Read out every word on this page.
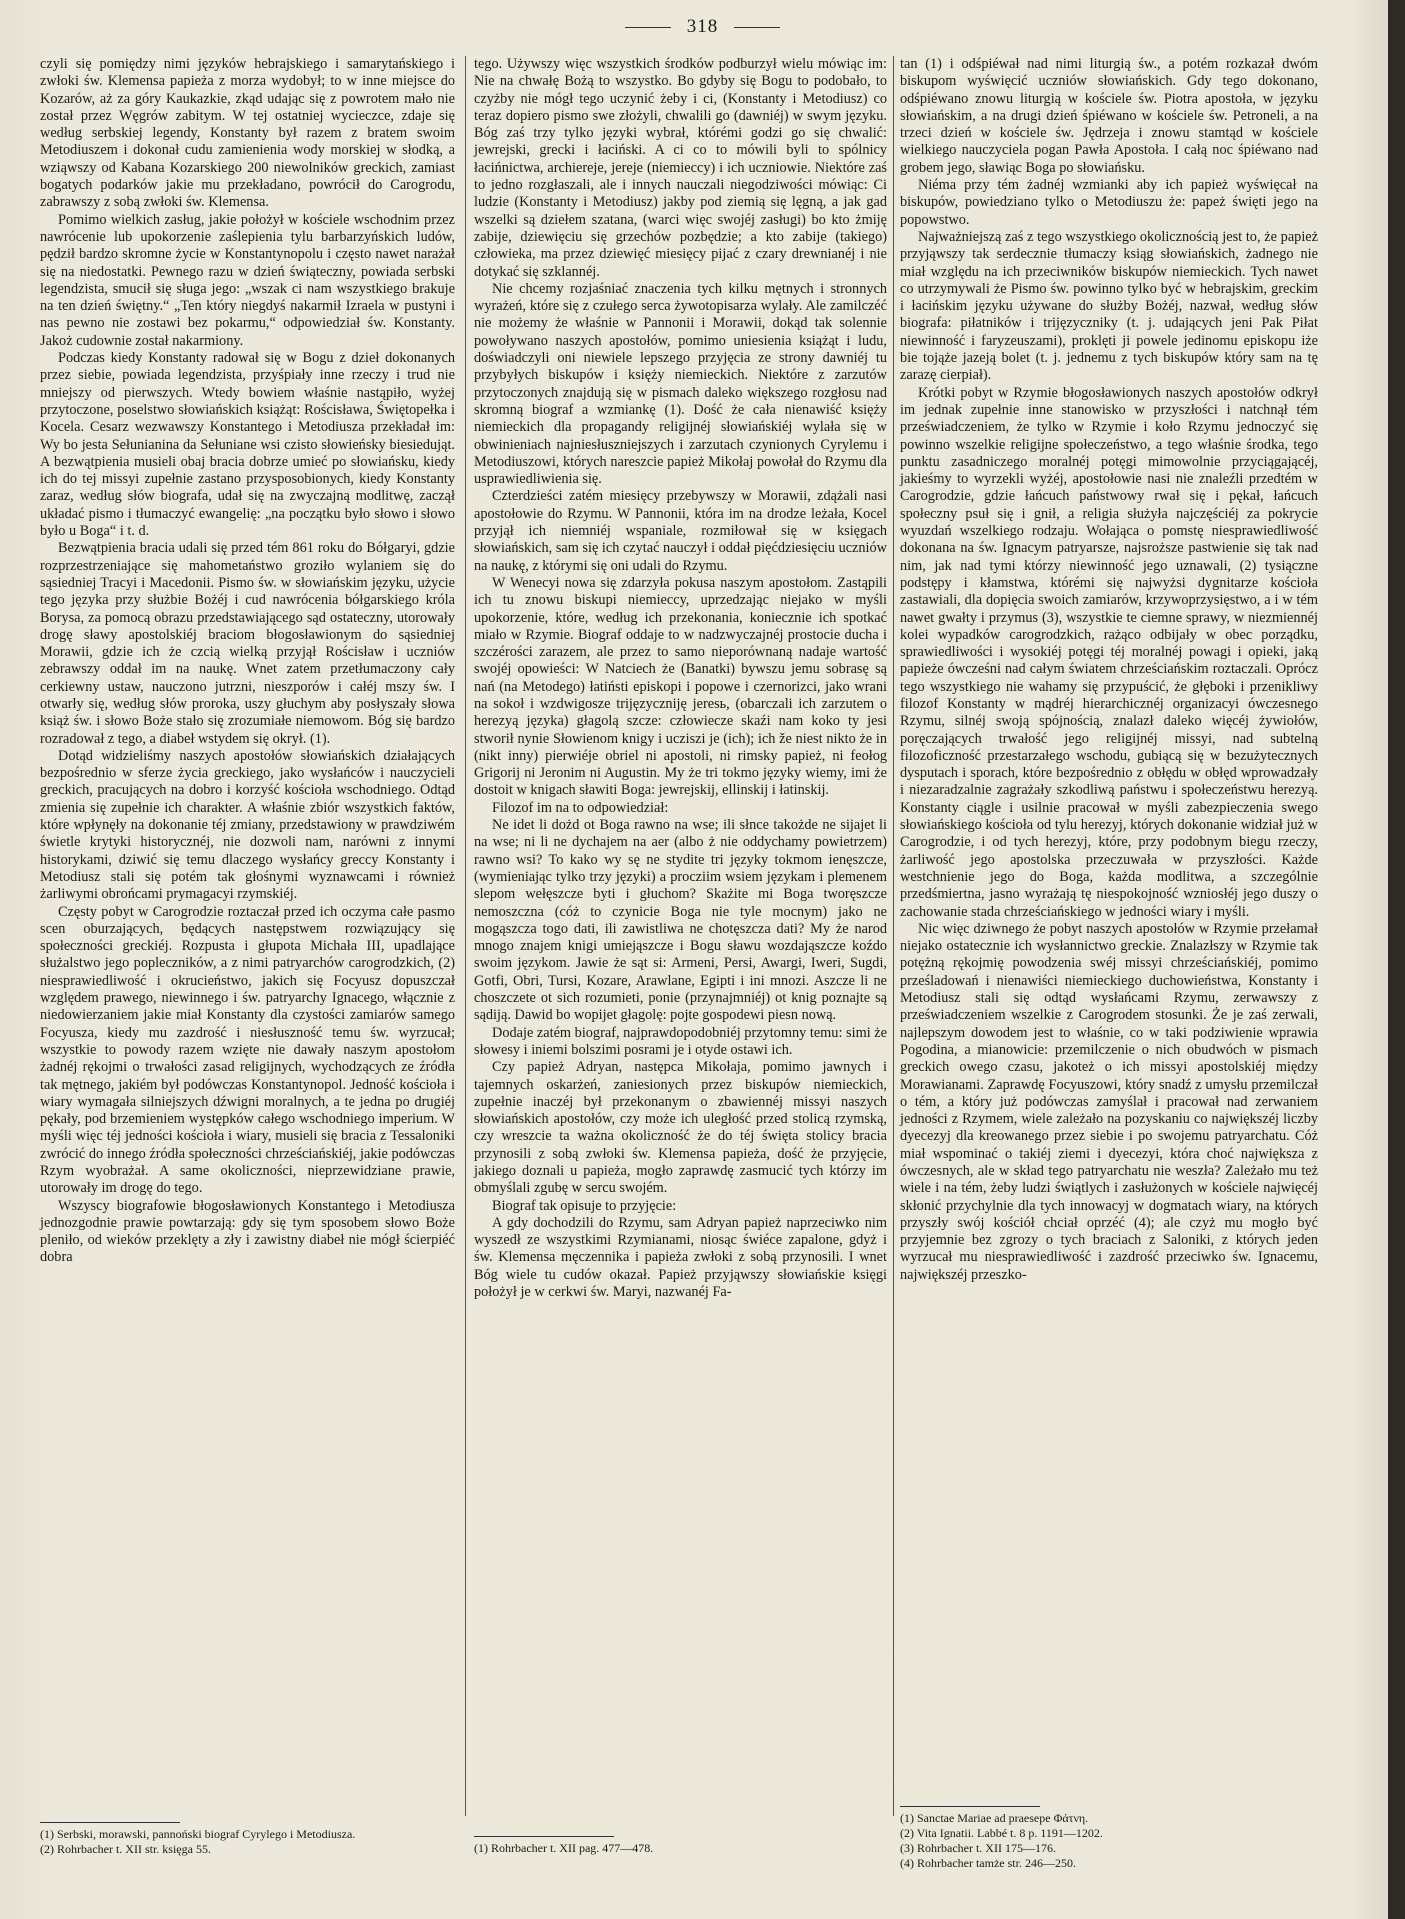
318

czyli się pomiędzy nimi języków hebrajskiego i samarytańskiego i zwłoki św. Klemensa papieża z morza wydobył; to w inne miejsce do Kozarów, aż za góry Kaukazkie, zkąd udając się z powrotem mało nie został przez Węgrów zabitym. W tej ostatniej wycieczce, zdaje się według serbskiej legendy, Konstanty był razem z bratem swoim Metodiuszem i dokonał cudu zamienienia wody morskiej w słodką, a wziąwszy od Kabana Kozarskiego 200 niewolników greckich, zamiast bogatych podarków jakie mu przekładano, powrócił do Carogrodu, zabrawszy z sobą zwłoki św. Klemensa.

Pomimo wielkich zasług, jakie położył w kościele wschodnim przez nawrócenie lub upokorzenie zaślepienia tylu barbarzyńskich ludów, pędził bardzo skromne życie w Konstantynopolu i często nawet narażał się na niedostatki. Pewnego razu w dzień świąteczny, powiada serbski legendzista, smucił się sługa jego: „wszak ci nam wszystkiego brakuje na ten dzień świętny.“ „Ten który niegdyś nakarmił Izraela w pustyni i nas pewno nie zostawi bez pokarmu,“ odpowiedział św. Konstanty. Jakoż cudownie został nakarmiony.

Podczas kiedy Konstanty radował się w Bogu z dzieł dokonanych przez siebie, powiada legendzista, przyśpiały inne rzeczy i trud nie mniejszy od pierwszych. Wtedy bowiem właśnie nastąpiło, wyżej przytoczone, poselstwo słowiańskich książąt: Rościsława, Świętopełka i Kocela. Cesarz wezwawszy Konstantego i Metodiusza przekładał im: Wy bo jesta Sełunianina da Sełuniane wsi czisto słowieńsky biesiedująt. A bezwątpienia musieli obaj bracia dobrze umieć po słowiańsku, kiedy ich do tej missyi zupełnie zastano przysposobionych, kiedy Konstanty zaraz, według słów biografa, udał się na zwyczajną modlitwę, zaczął układać pismo i tłumaczyć ewangelię: „na początku było słowo i słowo było u Boga“ i t. d.

Bezwątpienia bracia udali się przed tém 861 roku do Bółgaryi, gdzie rozprzestrzeniające się mahometaństwo groziło wylaniem się do sąsiedniej Tracyi i Macedonii. Pismo św. w słowiańskim języku, użycie tego języka przy służbie Bożéj i cud nawrócenia bółgarskiego króla Borysa, za pomocą obrazu przedstawiającego sąd ostateczny, utorowały drogę sławy apostolskiéj braciom błogosławionym do sąsiedniej Morawii, gdzie ich że czcią wielką przyjął Rościsław i uczniów zebrawszy oddał im na naukę. Wnet zatem przetłumaczony cały cerkiewny ustaw, nauczono jutrzni, nieszporów i całéj mszy św. I otwarły się, według słów proroka, uszy głuchym aby posłyszały słowa książ św. i słowo Boże stało się zrozumiałe niemowom. Bóg się bardzo rozradował z tego, a diabeł wstydem się okrył. (1).

Dotąd widzieliśmy naszych apostołów słowiańskich działających bezpośrednio w sferze życia greckiego, jako wysłańców i nauczycieli greckich, pracujących na dobro i korzyść kościoła wschodniego. Odtąd zmienia się zupełnie ich charakter. A właśnie zbiór wszystkich faktów, które wpłynęły na dokonanie téj zmiany, przedstawiony w prawdziwém świetle krytyki historycznéj, nie dozwoli nam, narówni z innymi historykami, dziwić się temu dlaczego wysłańcy greccy Konstanty i Metodiusz stali się potém tak głośnymi wyznawcami i również żarliwymi obrońcami prymagacyi rzymskiéj.

Częsty pobyt w Carogrodzie roztaczał przed ich oczyma całe pasmo scen oburzających, będących następstwem rozwiązujący się społeczności greckiéj. Rozpusta i głupota Michała III, upadlające służalstwo jego popleczników, a z nimi patryarchów carogrodzkich, (2) niesprawiedliwość i okrucieństwo, jakich się Focyusz dopuszczał względem prawego, niewinnego i św. patryarchy Ignacego, włącznie z niedowierzaniem jakie miał Konstanty dla czystości zamiarów samego Focyusza, kiedy mu zazdrość i niesłuszność temu św. wyrzucał; wszystkie to powody razem wzięte nie dawały naszym apostołom żadnéj rękojmi o trwałości zasad religijnych, wychodzących ze źródła tak mętnego, jakiém był podówczas Konstantynopol. Jedność kościoła i wiary wymagała silniejszych dźwigni moralnych, a te jedna po drugiéj pękały, pod brzemieniem występków całego wschodniego imperium. W myśli więc téj jedności kościoła i wiary, musieli się bracia z Tessaloniki zwrócić do innego źródła społeczności chrześciańskiéj, jakie podówczas Rzym wyobrażał. A same okoliczności, nieprzewidziane prawie, utorowały im drogę do tego.

Wszyscy biografowie błogosławionych Konstantego i Metodiusza jednozgodnie prawie powtarzają: gdy się tym sposobem słowo Boże pleniło, od wieków przeklęty a zły i zawistny diabeł nie mógł ścierpiéć dobra

tego. Używszy więc wszystkich środków podburzył wielu mówiąc im: Nie na chwałę Bożą to wszystko. Bo gdyby się Bogu to podobało, to czyżby nie mógł tego uczynić żeby i ci, (Konstanty i Metodiusz) co teraz dopiero pismo swe złożyli, chwalili go (dawniéj) w swym języku. Bóg zaś trzy tylko języki wybrał, którémi godzi go się chwalić: jewrejski, grecki i łaciński. A ci co to mówili byli to spólnicy łacińnictwa, archiereje, jereje (niemieccy) i ich uczniowie. Niektóre zaś to jedno rozgłaszali, ale i innych nauczali niegodziwości mówiąc: Ci ludzie (Konstanty i Metodiusz) jakby pod ziemią się lęgną, a jak gad wszelki są dziełem szatana, (warci więc swojéj zasługi) bo kto żmiję zabije, dziewięciu się grzechów pozbędzie; a kto zabije (takiego) człowieka, ma przez dziewięć miesięcy pijać z czary drewnianéj i nie dotykać się szklannéj.

Nie chcemy rozjaśniać znaczenia tych kilku mętnych i stronnych wyrażeń, które się z czułego serca żywotopisarza wylały. Ale zamilczéć nie możemy że właśnie w Pannonii i Morawii, dokąd tak solennie powoływano naszych apostołów, pomimo uniesienia książąt i ludu, doświadczyli oni niewiele lepszego przyjęcia ze strony dawniéj tu przybyłych biskupów i księży niemieckich. Niektóre z zarzutów przytoczonych znajdują się w pismach daleko większego rozgłosu nad skromną biograf a wzmiankę (1). Dość że cała nienawiść księży niemieckich dla propagandy religijnéj słowiańskiéj wylała się w obwinieniach najniesłuszniejszych i zarzutach czynionych Cyrylemu i Metodiuszowi, których nareszcie papież Mikołaj powołał do Rzymu dla usprawiedliwienia się.

Czterdzieści zatém miesięcy przebywszy w Morawii, zdążali nasi apostołowie do Rzymu. W Pannonii, która im na drodze leżała, Kocel przyjął ich niemniéj wspaniale, rozmiłował się w księgach słowiańskich, sam się ich czytać nauczył i oddał pięćdziesięciu uczniów na naukę, z którymi się oni udali do Rzymu.

W Wenecyi nowa się zdarzyła pokusa naszym apostołom. Zastąpili ich tu znowu biskupi niemieccy, uprzedzając niejako w myśli upokorzenie, które, według ich przekonania, koniecznie ich spotkać miało w Rzymie. Biograf oddaje to w nadzwyczajnéj prostocie ducha i szczérości zarazem, ale przez to samo nieporównaną nadaje wartość swojéj opowieści: W Natciech że (Banatki) bywszu jemu sobrasę są nań (na Metodego) łatiństi episkopi i popowe i czernorizci, jako wrani na sokoł i wzdwigosze trijęzyczniję jeresь, (obarczali ich zarzutem o herezyą języka) głagolą szcze: człowiecze skaźi nam koko ty jesi stworił nynie Słowienom knigy i ucziszi je (ich); ich že niest nikto że in (nikt inny) pierwiéje obriel ni apostoli, ni rimsky papież, ni feołog Grigorij ni Jeronim ni Augustin. My że tri tokmo języky wiemy, imi że dostoit w knigach sławiti Boga: jewrejskij, ellinskij i łatinskij.

Filozof im na to odpowiedział:

Ne idet li dożd ot Boga rawno na wse; ili słnce takożde ne sijajet li na wse; ni li ne dychajem na aer (albo ż nie oddychamy powietrzem) rawno wsi? To kako wy sę ne stydite tri języky tokmom ienęszcze, (wymieniając tylko trzy języki) a procziim wsiem językam i plemenem slepom wełęszcze byti i głuchom? Skażite mi Boga tworęszcze nemoszczna (cóż to czynicie Boga nie tyle mocnym) jako ne mogąszcza togo dati, ili zawistliwa ne chotęszcza dati? My że narod mnogo znajem knigi umiejąszcze i Bogu sławu wozdająszcze koźdo swoim językom. Jawie że sąt si: Armeni, Persi, Awargi, Iweri, Sugdi, Gotfi, Obri, Tursi, Kozare, Arawlane, Egipti i ini mnozi. Aszcze li ne choszczete ot sich rozumieti, ponie (przynajmniéj) ot knig poznajte są sądiją. Dawid bo wopijet głagolę: pojte gospodewi piesn nową.

Dodaje zatém biograf, najprawdopodobniéj przytomny temu: simi że słowesy i iniemi bolszimi posrami je i otyde ostawi ich.

Czy papież Adryan, następca Mikołaja, pomimo jawnych i tajemnych oskarżeń, zaniesionych przez biskupów niemieckich, zupełnie inaczéj był przekonanym o zbawiennéj missyi naszych słowiańskich apostołów, czy może ich uległość przed stolicą rzymską, czy wreszcie ta ważna okoliczność że do téj święta stolicy bracia przynosili z sobą zwłoki św. Klemensa papieża, dość że przyjęcie, jakiego doznali u papieża, mogło zaprawdę zasmucić tych którzy im obmyślali zgubę w sercu swojém.

Biograf tak opisuje to przyjęcie:

A gdy dochodzili do Rzymu, sam Adryan papież naprzeciwko nim wyszedł ze wszystkimi Rzymianami, niosąc świéce zapalone, gdyż i św. Klemensa męczennika i papieża zwłoki z sobą przynosili. I wnet Bóg wiele tu cudów okazał. Papież przyjąwszy słowiańskie księgi położył je w cerkwi św. Maryi, nazwanéj Fa-

tan (1) i odśpiéwał nad nimi liturgią św., a potém rozkazał dwóm biskupom wyświęcić uczniów słowiańskich. Gdy tego dokonano, odśpiéwano znowu liturgią w kościele św. Piotra apostoła, w języku słowiańskim, a na drugi dzień śpiéwano w kościele św. Petroneli, a na trzeci dzień w kościele św. Jędrzeja i znowu stamtąd w kościele wielkiego nauczyciela pogan Pawła Apostoła. I całą noc śpiéwano nad grobem jego, sławiąc Boga po słowiańsku.

Niéma przy tém żadnéj wzmianki aby ich papież wyświęcał na biskupów, powiedziano tylko o Metodiuszu że: papeż święti jego na popowstwo.

Najważniejszą zaś z tego wszystkiego okolicznością jest to, że papież przyjąwszy tak serdecznie tłumaczy ksiąg słowiańskich, żadnego nie miał względu na ich przeciwników biskupów niemieckich. Tych nawet co utrzymywali że Pismo św. powinno tylko być w hebrajskim, greckim i łacińskim języku używane do służby Bożéj, nazwał, według słów biografa: piłatników i trijęzyczniky (t. j. udających jeni Pak Piłat niewinność i faryzeuszami), proklęti ji powele jedinomu episkopu iże bie tojąże jazeją bolet (t. j. jednemu z tych biskupów który sam na tę zarazę cierpiał).

Krótki pobyt w Rzymie błogosławionych naszych apostołów odkrył im jednak zupełnie inne stanowisko w przyszłości i natchnął tém przeświadczeniem, że tylko w Rzymie i koło Rzymu jednoczyć się powinno wszelkie religijne społeczeństwo, a tego właśnie środka, tego punktu zasadniczego moralnéj potęgi mimowolnie przyciągającéj, jakieśmy to wyrzekli wyżéj, apostołowie nasi nie znaleźli przedtém w Carogrodzie, gdzie łańcuch państwowy rwał się i pękał, łańcuch społeczny psuł się i gnił, a religia służyła najczęściéj za pokrycie wyuzdań wszelkiego rodzaju. Wołająca o pomstę niesprawiedliwość dokonana na św. Ignacym patryarsze, najsroższe pastwienie się tak nad nim, jak nad tymi którzy niewinność jego uznawali, (2) tysiączne podstępy i kłamstwa, którémi się najwyżsi dygnitarze kościoła zastawiali, dla dopięcia swoich zamiarów, krzywoprzysięstwo, a i w tém nawet gwałty i przymus (3), wszystkie te ciemne sprawy, w niezmiennéj kolei wypadków carogrodzkich, rażąco odbijały w obec porządku, sprawiedliwości i wysokiéj potęgi téj moralnéj powagi i opieki, jaką papieże ówcześni nad całym światem chrześciańskim roztaczali. Oprócz tego wszystkiego nie wahamy się przypuścić, że głęboki i przenikliwy filozof Konstanty w mądréj hierarchicznéj organizacyi ówczesnego Rzymu, silnéj swoją spójnością, znalazł daleko więcéj żywiołów, poręczających trwałość jego religijnéj missyi, nad subtelną filozoficzność przestarzałego wschodu, gubiącą się w bezużytecznych dysputach i sporach, które bezpośrednio z obłędu w obłęd wprowadzały i niezaradzalnie zagrażały szkodliwą państwu i społeczeństwu herezyą. Konstanty ciągle i usilnie pracował w myśli zabezpieczenia swego słowiańskiego kościoła od tylu herezyj, których dokonanie widział już w Carogrodzie, i od tych herezyj, które, przy podobnym biegu rzeczy, żarliwość jego apostolska przeczuwała w przyszłości. Każde westchnienie jego do Boga, każda modlitwa, a szczególnie przedśmiertna, jasno wyrażają tę niespokojność wzniosłéj jego duszy o zachowanie stada chrześciańskiego w jedności wiary i myśli.

Nic więc dziwnego że pobyt naszych apostołów w Rzymie przełamał niejako ostatecznie ich wysłannictwo greckie. Znalazłszy w Rzymie tak potężną rękojmię powodzenia swéj missyi chrześciańskiéj, pomimo prześladowań i nienawiści niemieckiego duchowieństwa, Konstanty i Metodiusz stali się odtąd wysłańcami Rzymu, zerwawszy z przeświadczeniem wszelkie z Carogrodem stosunki. Że je zaś zerwali, najlepszym dowodem jest to właśnie, co w taki podziwienie wprawia Pogodina, a mianowicie: przemilczenie o nich obudwóch w pismach greckich owego czasu, jakoteż o ich missyi apostolskiéj między Morawianami. Zaprawdę Focyuszowi, który snadź z umysłu przemilczał o tém, a który już podówczas zamyślał i pracował nad zerwaniem jedności z Rzymem, wiele zależało na pozyskaniu co największéj liczby dyecezyj dla kreowanego przez siebie i po swojemu patryarchatu. Cóż miał wspominać o takiéj ziemi i dyecezyi, która choć największa z ówczesnych, ale w skład tego patryarchatu nie weszła? Zależało mu też wiele i na tém, żeby ludzi świątlych i zasłużonych w kościele najwięcéj skłonić przychylnie dla tych innowacyj w dogmatach wiary, na których przyszły swój kościół chciał oprzéć (4); ale czyż mu mogło być przyjemnie bez zgrozy o tych braciach z Saloniki, z których jeden wyrzucał mu niesprawiedliwość i zazdrość przeciwko św. Ignacemu, największéj przeszko-

(1) Serbski, morawski, pannoński biograf Cyrylego i Metodiusza.
(2) Rohrbacher t. XII str. księga 55.	(1) Rohrbacher t. XII pag. 477—478.
(1) Sanctae Mariae ad praesepe Φάτνη.
(2) Vita Ignatii. Labbé t. 8 p. 1191—1202.
(3) Rohrbacher t. XII 175—176.
(4) Rohrbacher tamże str. 246—250.
